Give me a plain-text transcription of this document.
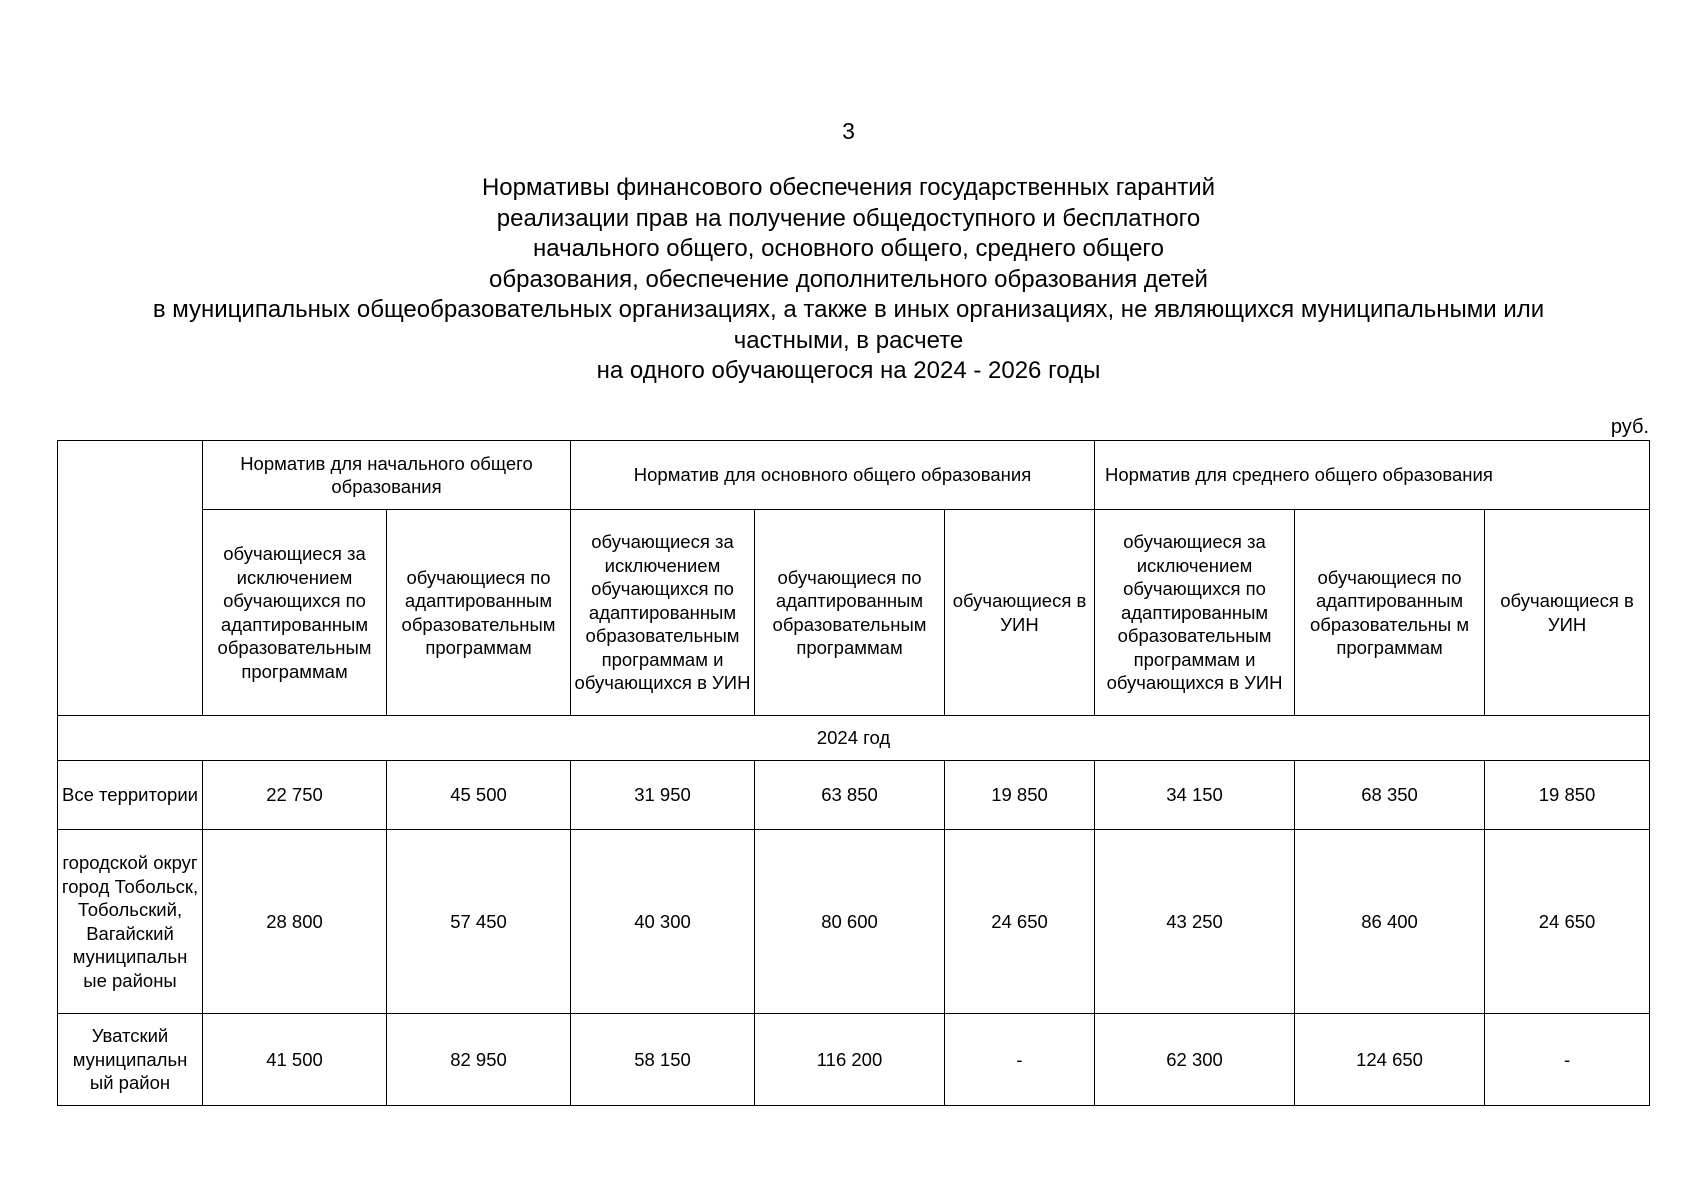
3
Нормативы финансового обеспечения государственных гарантий
реализации прав на получение общедоступного и бесплатного
начального общего, основного общего, среднего общего
образования, обеспечение дополнительного образования детей
в муниципальных общеобразовательных организациях, а также в иных организациях, не являющихся муниципальными или
частными, в расчете
на одного обучающегося на 2024 - 2026 годы
руб.
	Норматив для начального общего образования		Норматив для основного общего образования			Норматив для среднего общего образования		
	обучающиеся за исключением обучающихся по адаптированным образовательным программам	обучающиеся по адаптированным образовательным программам	обучающиеся за исключением обучающихся по адаптированным образовательным программам и обучающихся в УИН	обучающиеся по адаптированным образовательным программам	обучающиеся в УИН	обучающиеся за исключением обучающихся по адаптированным образовательным программам и обучающихся в УИН	обучающиеся по адаптированным образовательны м программам	обучающиеся в УИН
2024 год								
Все территории	22 750	45 500	31 950	63 850	19 850	34 150	68 350	19 850
городской округ город Тобольск, Тобольский, Вагайский муниципальн ые районы	28 800	57 450	40 300	80 600	24 650	43 250	86 400	24 650
Уватский муниципальн ый район	41 500	82 950	58 150	116 200	-	62 300	124 650	-
